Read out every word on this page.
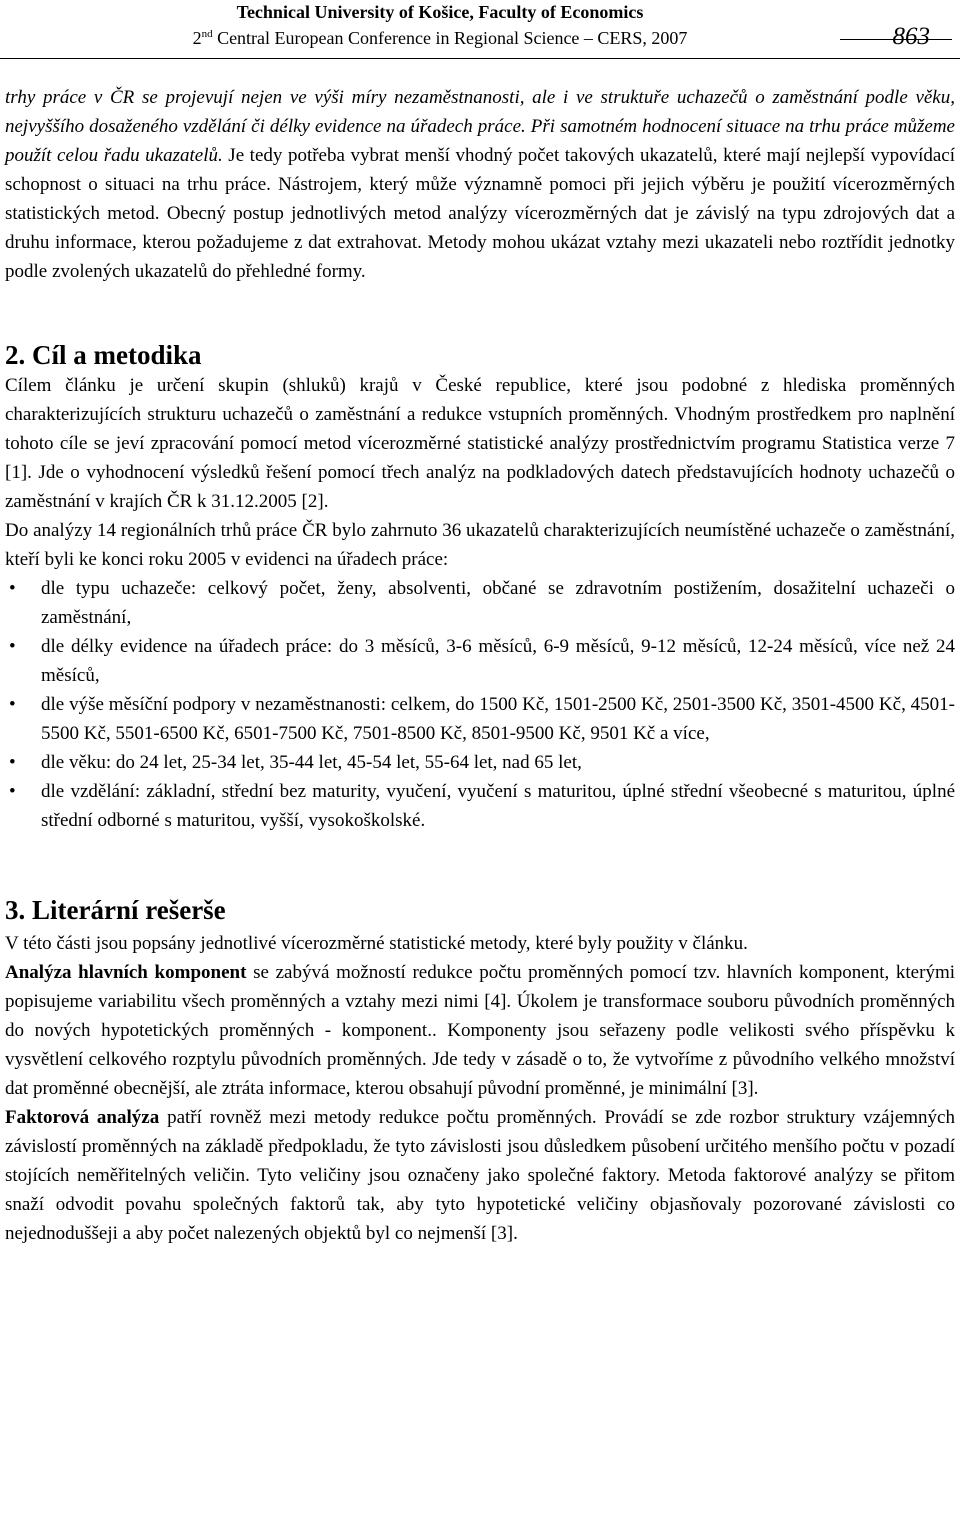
Technical University of Košice, Faculty of Economics
2nd Central European Conference in Regional Science – CERS, 2007	863

trhy práce v ČR se projevují nejen ve výši míry nezaměstnanosti, ale i ve struktuře uchazečů o zaměstnání podle věku, nejvyššího dosaženého vzdělání či délky evidence na úřadech práce. Při samotném hodnocení situace na trhu práce můžeme použít celou řadu ukazatelů. Je tedy potřeba vybrat menší vhodný počet takových ukazatelů, které mají nejlepší vypovídací schopnost o situaci na trhu práce. Nástrojem, který může významně pomoci při jejich výběru je použití vícerozměrných statistických metod. Obecný postup jednotlivých metod analýzy vícerozměrných dat je závislý na typu zdrojových dat a druhu informace, kterou požadujeme z dat extrahovat. Metody mohou ukázat vztahy mezi ukazateli nebo roztřídit jednotky podle zvolených ukazatelů do přehledné formy.

2. Cíl a metodika

Cílem článku je určení skupin (shluků) krajů v České republice, které jsou podobné z hlediska proměnných charakterizujících strukturu uchazečů o zaměstnání a redukce vstupních proměnných. Vhodným prostředkem pro naplnění tohoto cíle se jeví zpracování pomocí metod vícerozměrné statistické analýzy prostřednictvím programu Statistica verze 7 [1]. Jde o vyhodnocení výsledků řešení pomocí třech analýz na podkladových datech představujících hodnoty uchazečů o zaměstnání v krajích ČR k 31.12.2005 [2].

Do analýzy 14 regionálních trhů práce ČR bylo zahrnuto 36 ukazatelů charakterizujících neumístěné uchazeče o zaměstnání, kteří byli ke konci roku 2005 v evidenci na úřadech práce:

• dle typu uchazeče: celkový počet, ženy, absolventi, občané se zdravotním postižením, dosažitelní uchazeči o zaměstnání,
• dle délky evidence na úřadech práce: do 3 měsíců, 3-6 měsíců, 6-9 měsíců, 9-12 měsíců, 12-24 měsíců, více než 24 měsíců,
• dle výše měsíční podpory v nezaměstnanosti: celkem, do 1500 Kč, 1501-2500 Kč, 2501-3500 Kč, 3501-4500 Kč, 4501-5500 Kč, 5501-6500 Kč, 6501-7500 Kč, 7501-8500 Kč, 8501-9500 Kč, 9501 Kč a více,
• dle věku: do 24 let, 25-34 let, 35-44 let, 45-54 let, 55-64 let, nad 65 let,
• dle vzdělání: základní, střední bez maturity, vyučení, vyučení s maturitou, úplné střední všeobecné s maturitou, úplné střední odborné s maturitou, vyšší, vysokoškolské.
3. Literární rešerše

V této části jsou popsány jednotlivé vícerozměrné statistické metody, které byly použity v článku.

Analýza hlavních komponent se zabývá možností redukce počtu proměnných pomocí tzv. hlavních komponent, kterými popisujeme variabilitu všech proměnných a vztahy mezi nimi [4]. Úkolem je transformace souboru původních proměnných do nových hypotetických proměnných - komponent.. Komponenty jsou seřazeny podle velikosti svého příspěvku k vysvětlení celkového rozptylu původních proměnných. Jde tedy v zásadě o to, že vytvoříme z původního velkého množství dat proměnné obecnější, ale ztráta informace, kterou obsahují původní proměnné, je minimální [3].

Faktorová analýza patří rovněž mezi metody redukce počtu proměnných. Provádí se zde rozbor struktury vzájemných závislostí proměnných na základě předpokladu, že tyto závislosti jsou důsledkem působení určitého menšího počtu v pozadí stojících neměřitelných veličin. Tyto veličiny jsou označeny jako společné faktory. Metoda faktorové analýzy se přitom snaží odvodit povahu společných faktorů tak, aby tyto hypotetické veličiny objasňovaly pozorované závislosti co nejednoduššeji a aby počet nalezených objektů byl co nejmenší [3].
